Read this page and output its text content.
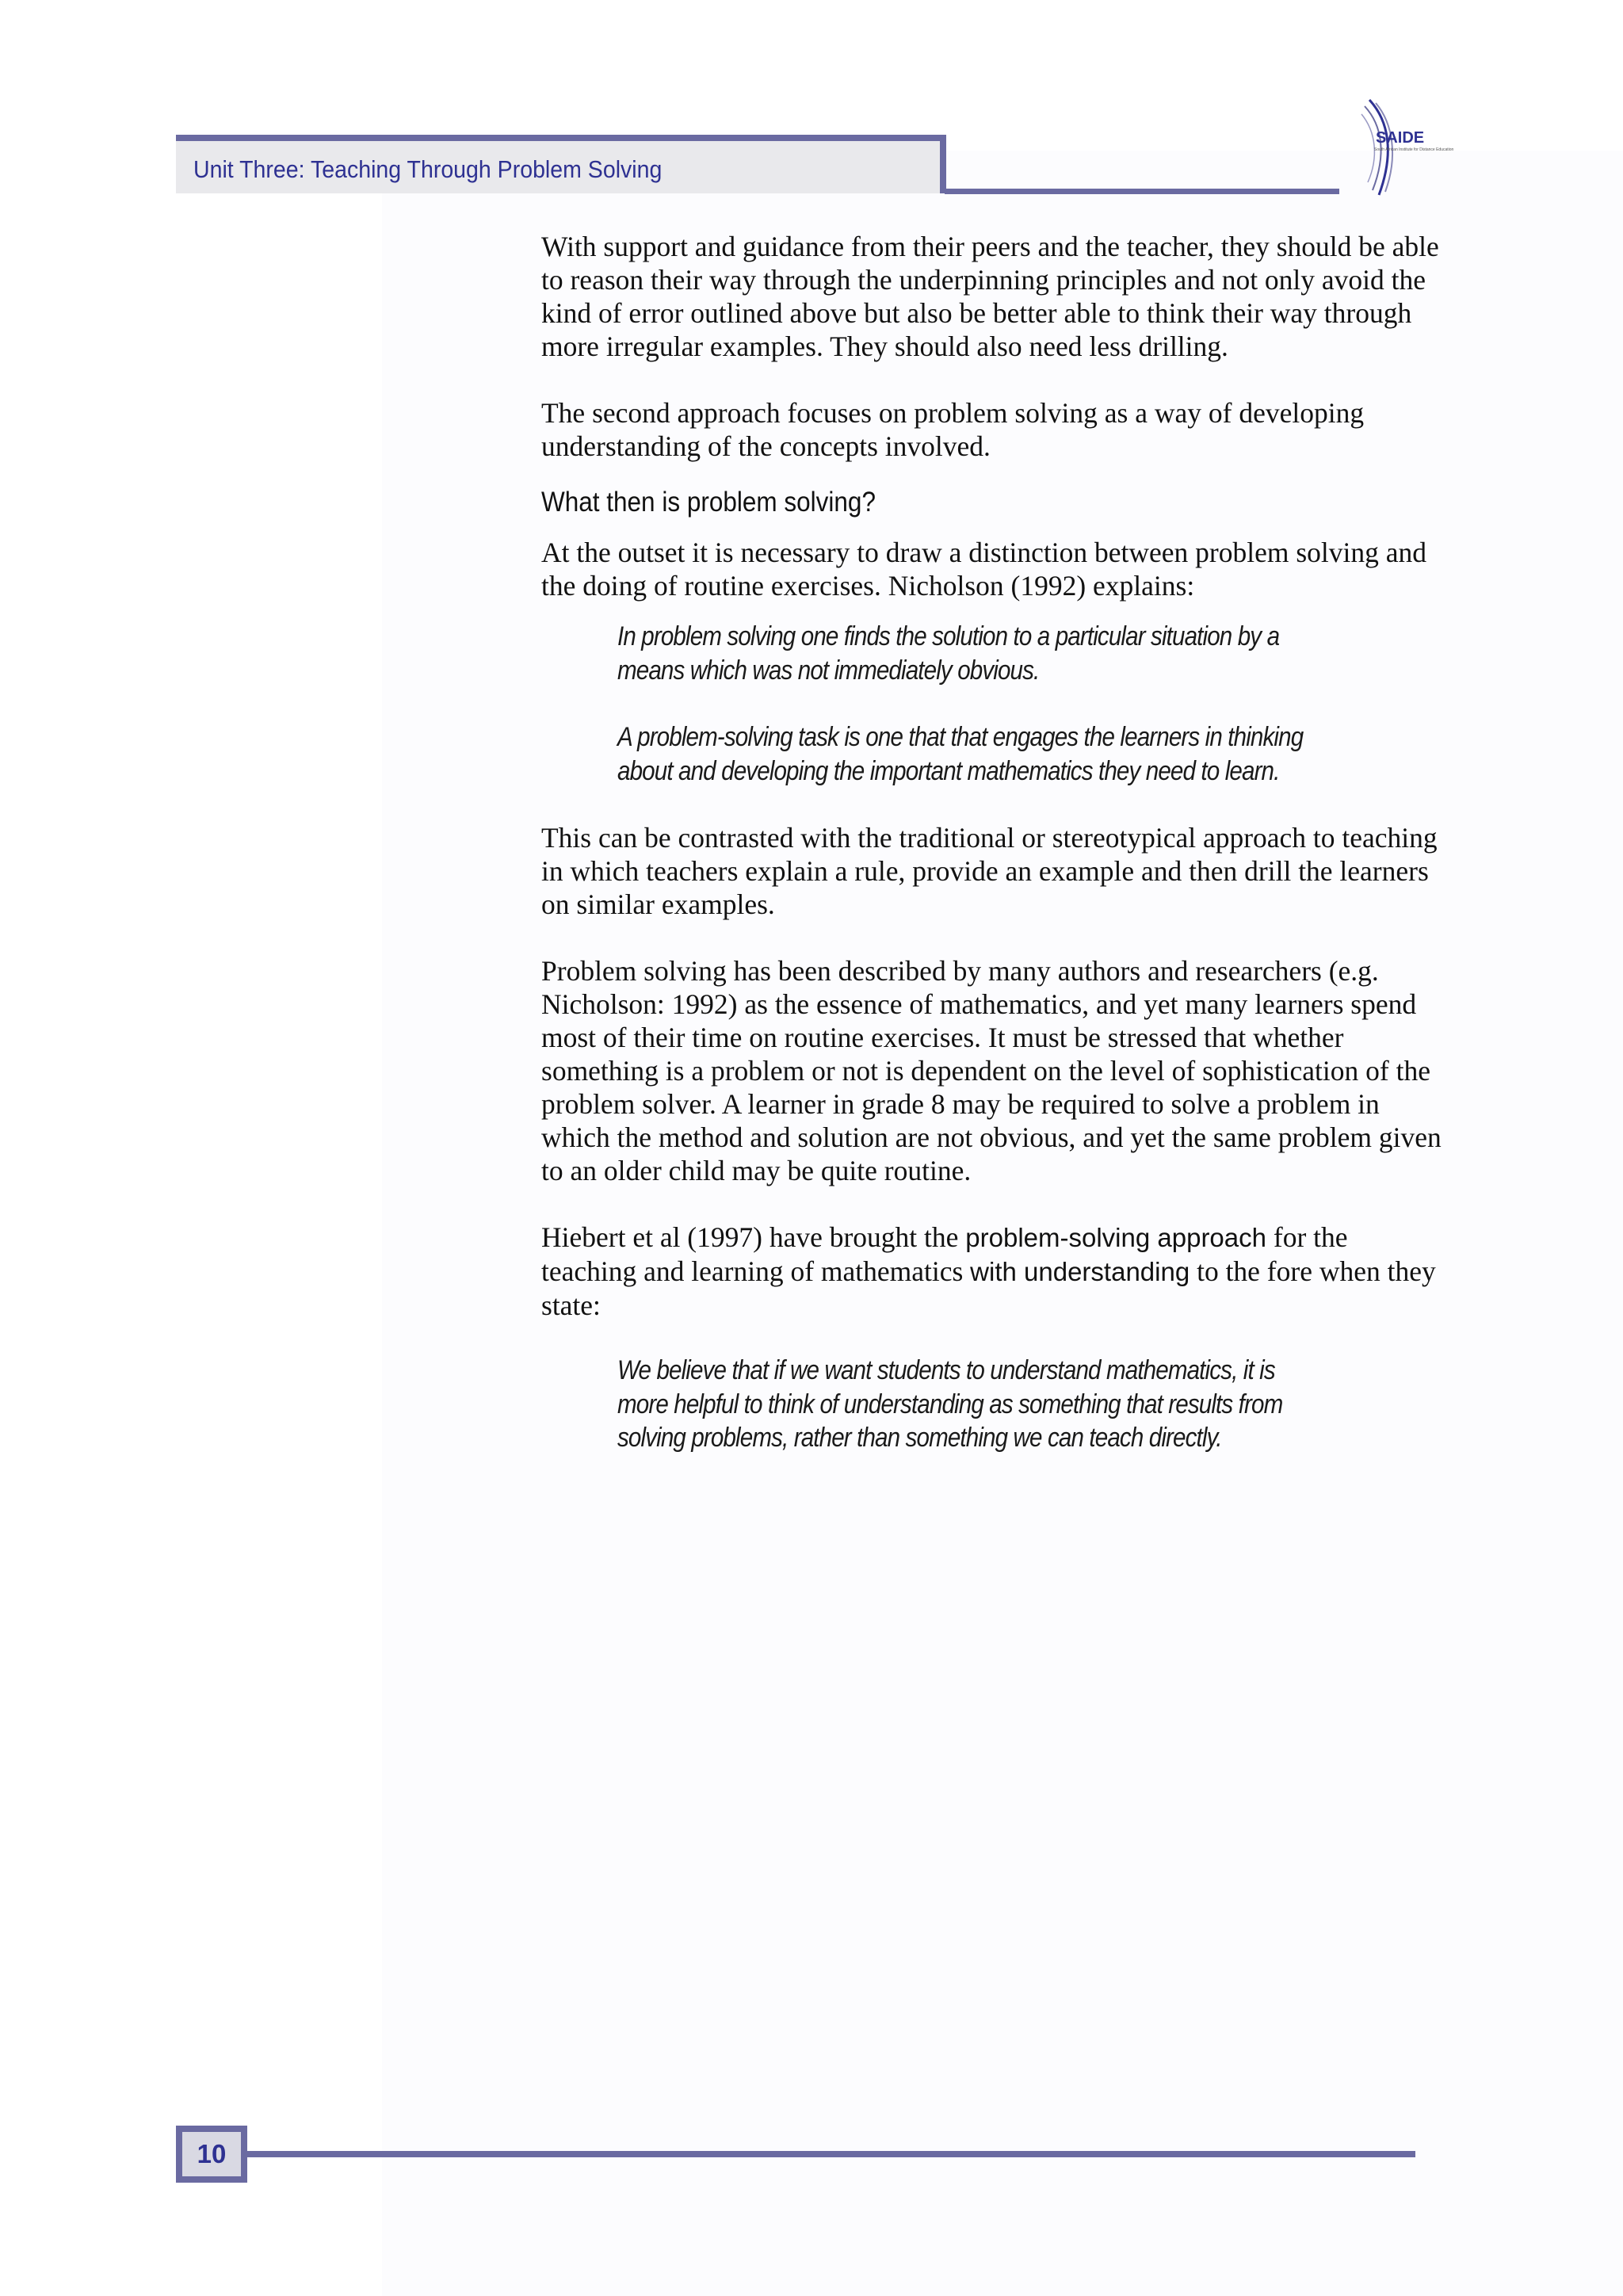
Unit Three: Teaching Through Problem Solving
SAIDE
South African Institute for Distance Education

With support and guidance from their peers and the teacher, they should be able to reason their way through the underpinning principles and not only avoid the kind of error outlined above but also be better able to think their way through more irregular examples. They should also need less drilling.

The second approach focuses on problem solving as a way of developing understanding of the concepts involved.

What then is problem solving?

At the outset it is necessary to draw a distinction between problem solving and the doing of routine exercises. Nicholson (1992) explains:

In problem solving one finds the solution to a particular situation by a means which was not immediately obvious.

A problem-solving task is one that that engages the learners in thinking about and developing the important mathematics they need to learn.

This can be contrasted with the traditional or stereotypical approach to teaching in which teachers explain a rule, provide an example and then drill the learners on similar examples.

Problem solving has been described by many authors and researchers (e.g. Nicholson: 1992) as the essence of mathematics, and yet many learners spend most of their time on routine exercises. It must be stressed that whether something is a problem or not is dependent on the level of sophistication of the problem solver. A learner in grade 8 may be required to solve a problem in which the method and solution are not obvious, and yet the same problem given to an older child may be quite routine.

Hiebert et al (1997) have brought the problem-solving approach for the teaching and learning of mathematics with understanding to the fore when they state:

We believe that if we want students to understand mathematics, it is more helpful to think of understanding as something that results from solving problems, rather than something we can teach directly.

10
